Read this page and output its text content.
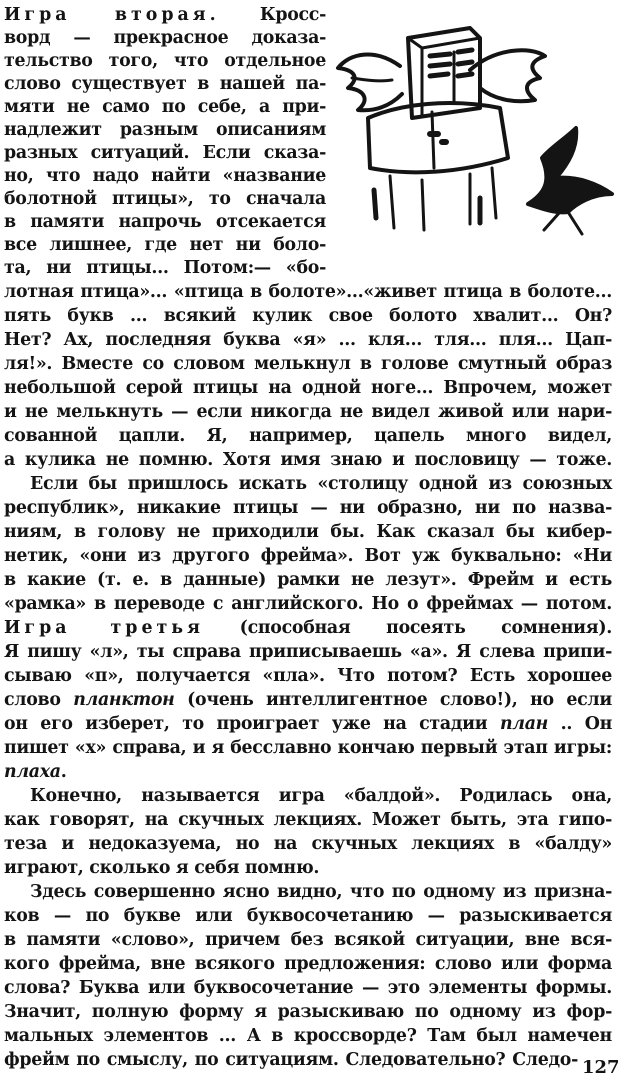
Игра вторая. Кросс-
ворд — прекрасное доказа-
тельство того, что отдельное
слово существует в нашей па-
мяти не само по себе, а при-
надлежит разным описаниям
разных ситуаций. Если сказа-
но, что надо найти «название
болотной птицы», то сначала
в памяти напрочь отсекается
все лишнее, где нет ни боло-
та, ни птицы... Потом:— «бо-
лотная птица»... «птица в болоте»...«живет птица в болоте...
пять букв ... всякий кулик свое болото хвалит... Он?
Нет? Ах, последняя буква «я» ... кля... тля... пля... Цап-
ля!». Вместе со словом мелькнул в голове смутный образ
небольшой серой птицы на одной ноге... Впрочем, может
и не мелькнуть — если никогда не видел живой или нари-
сованной цапли. Я, например, цапель много видел,
а кулика не помню. Хотя имя знаю и пословицу — тоже.
Если бы пришлось искать «столицу одной из союзных
республик», никакие птицы — ни образно, ни по назва-
ниям, в голову не приходили бы. Как сказал бы кибер-
нетик, «они из другого фрейма». Вот уж буквально: «Ни
в какие (т. е. в данные) рамки не лезут». Фрейм и есть
«рамка» в переводе с английского. Но о фреймах — потом.
Игра третья (способная посеять сомнения).
Я пишу «л», ты справа приписываешь «а». Я слева припи-
сываю «п», получается «пла». Что потом? Есть хорошее
слово планктон (очень интеллигентное слово!), но если
он его изберет, то проиграет уже на стадии план .. Он
пишет «х» справа, и я бесславно кончаю первый этап игры:
плаха.
Конечно, называется игра «балдой». Родилась она,
как говорят, на скучных лекциях. Может быть, эта гипо-
теза и недоказуема, но на скучных лекциях в «балду»
играют, сколько я себя помню.
Здесь совершенно ясно видно, что по одному из призна-
ков — по букве или буквосочетанию — разыскивается
в памяти «слово», причем без всякой ситуации, вне вся-
кого фрейма, вне всякого предложения: слово или форма
слова? Буква или буквосочетание — это элементы формы.
Значит, полную форму я разыскиваю по одному из фор-
мальных элементов ... А в кроссворде? Там был намечен
фрейм по смыслу, по ситуациям. Следовательно? Следо- 127
